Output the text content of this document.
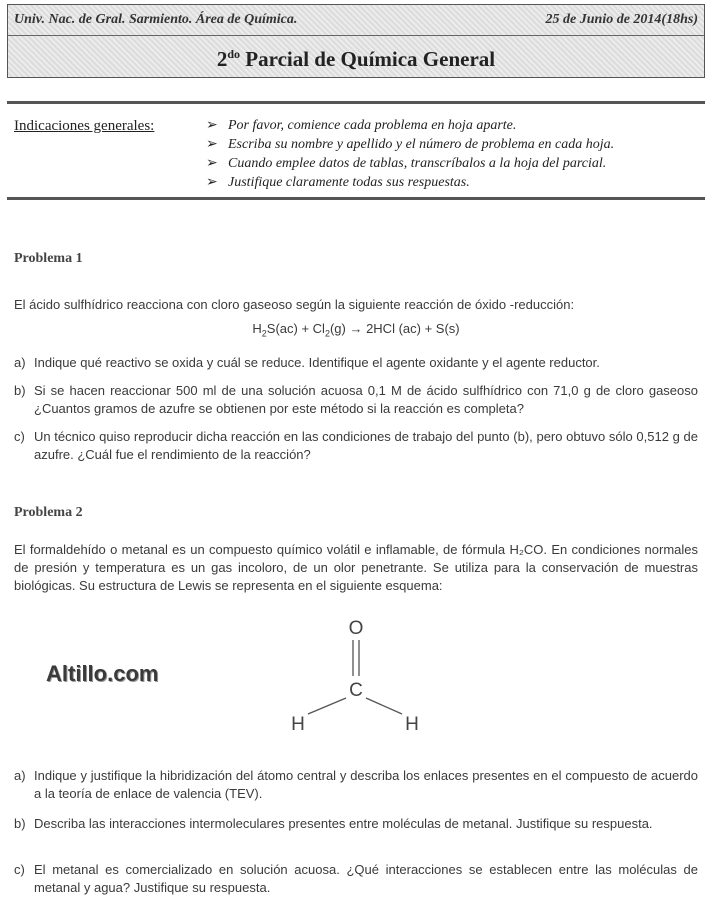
Univ. Nac. de Gral. Sarmiento. Área de Química.	25 de Junio de 2014(18hs)
$2^{do}$ Parcial de Química General
Indicaciones generales:	➢ Por favor, comience cada problema en hoja aparte.
➢ Escriba su nombre y apellido y el número de problema en cada hoja.
➢ Cuando emplee datos de tablas, transcríbalos a la hoja del parcial.
➢ Justifique claramente todas sus respuestas.
Problema 1
El ácido sulfhídrico reacciona con cloro gaseoso según la siguiente reacción de óxido -reducción:
$H_2S(ac) + Cl_2(g) \to 2HCl$ (ac) + S(s)
a) Indique qué reactivo se oxida y cuál se reduce. Identifique el agente oxidante y el agente reductor.
b) Si se hacen reaccionar 500 ml de una solución acuosa 0,1 M de ácido sulfhídrico con 71,0 g de cloro gaseoso ¿Cuantos gramos de azufre se obtienen por este método si la reacción es completa?
c) Un técnico quiso reproducir dicha reacción en las condiciones de trabajo del punto (b), pero obtuvo sólo 0,512 g de azufre. ¿Cuál fue el rendimiento de la reacción?
Problema 2
El formaldehído o metanal es un compuesto químico volátil e inflamable, de fórmula H₂CO. En condiciones normales de presión y temperatura es un gas incoloro, de un olor penetrante. Se utiliza para la conservación de muestras biológicas. Su estructura de Lewis se representa en el siguiente esquema:
Altillo.com
O
C
H	H
a) Indique y justifique la hibridización del átomo central y describa los enlaces presentes en el compuesto de acuerdo a la teoría de enlace de valencia (TEV).
b) Describa las interacciones intermoleculares presentes entre moléculas de metanal. Justifique su respuesta.
c) El metanal es comercializado en solución acuosa. ¿Qué interacciones se establecen entre las moléculas de metanal y agua? Justifique su respuesta.
